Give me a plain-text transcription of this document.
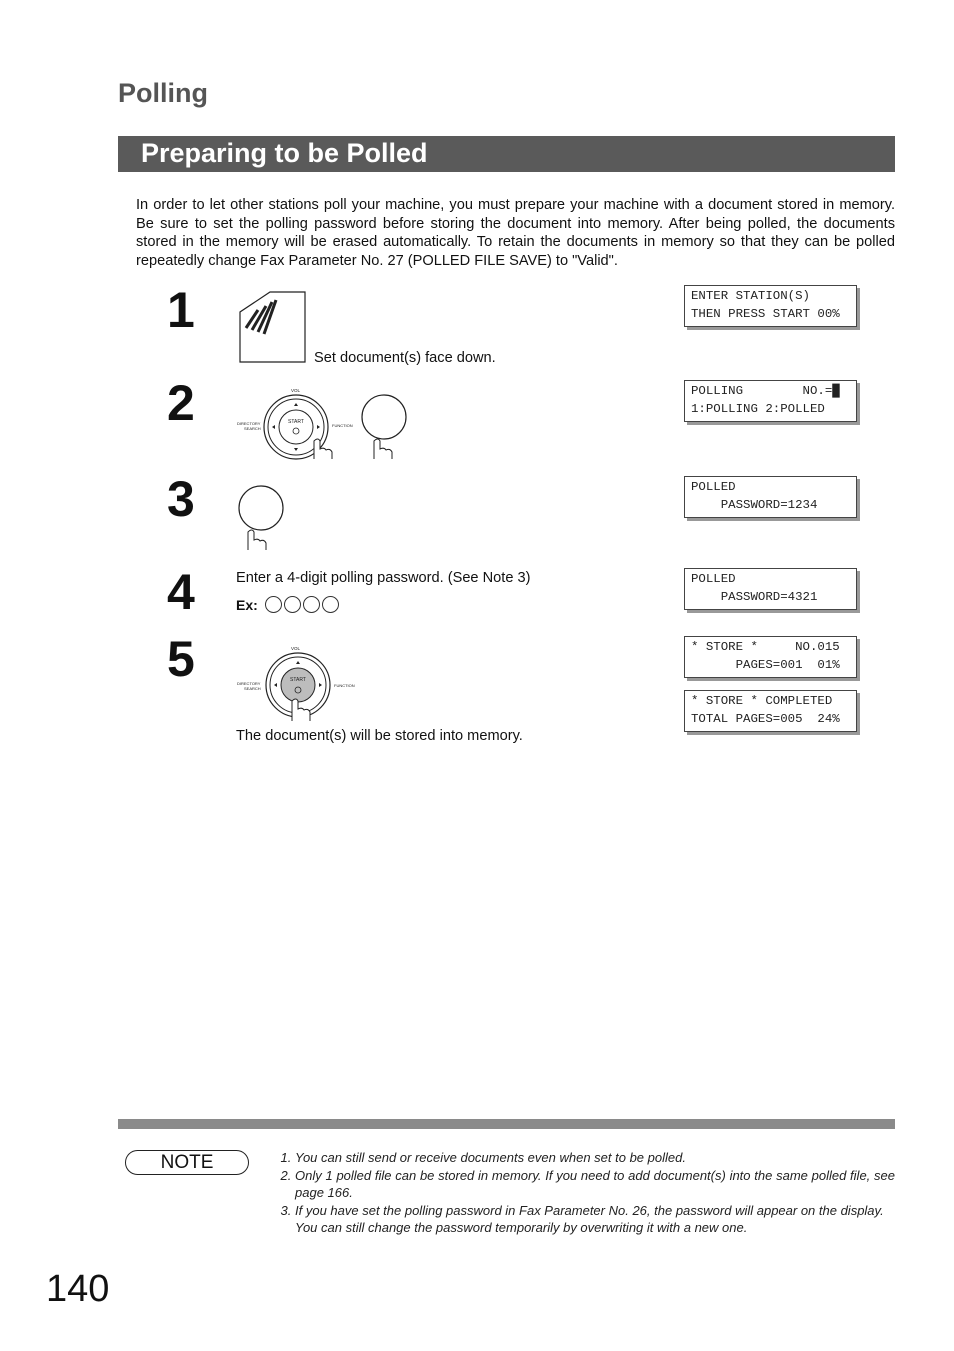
Polling
Preparing to be Polled
In order to let other stations poll your machine, you must prepare your machine with a document stored in memory. Be sure to set the polling password before storing the document into memory. After being polled, the documents stored in the memory will be erased automatically. To retain the documents in memory so that they can be polled repeatedly change Fax Parameter No. 27 (POLLED FILE SAVE) to "Valid".
1
Set document(s) face down.
2	VOL
START
DIRECTORY
SEARCH
FUNCTION
3
4	Enter a 4-digit polling password. (See Note 3)
Ex:
5	VOL
START
DIRECTORY
SEARCH
FUNCTION
The document(s) will be stored into memory.
ENTER STATION(S)
THEN PRESS START 00%
POLLING        NO.=█
1:POLLING 2:POLLED
POLLED
PASSWORD=1234
POLLED
PASSWORD=4321
* STORE *     NO.015
PAGES=001  01%
* STORE * COMPLETED
TOTAL PAGES=005  24%
NOTE
1.	You can still send or receive documents even when set to be polled.
2. Only 1 polled file can be stored in memory. If you need to add document(s) into the same polled file, see page 166.
3. If you have set the polling password in Fax Parameter No. 26, the password will appear on the display.
You can still change the password temporarily by overwriting it with a new one.
140
